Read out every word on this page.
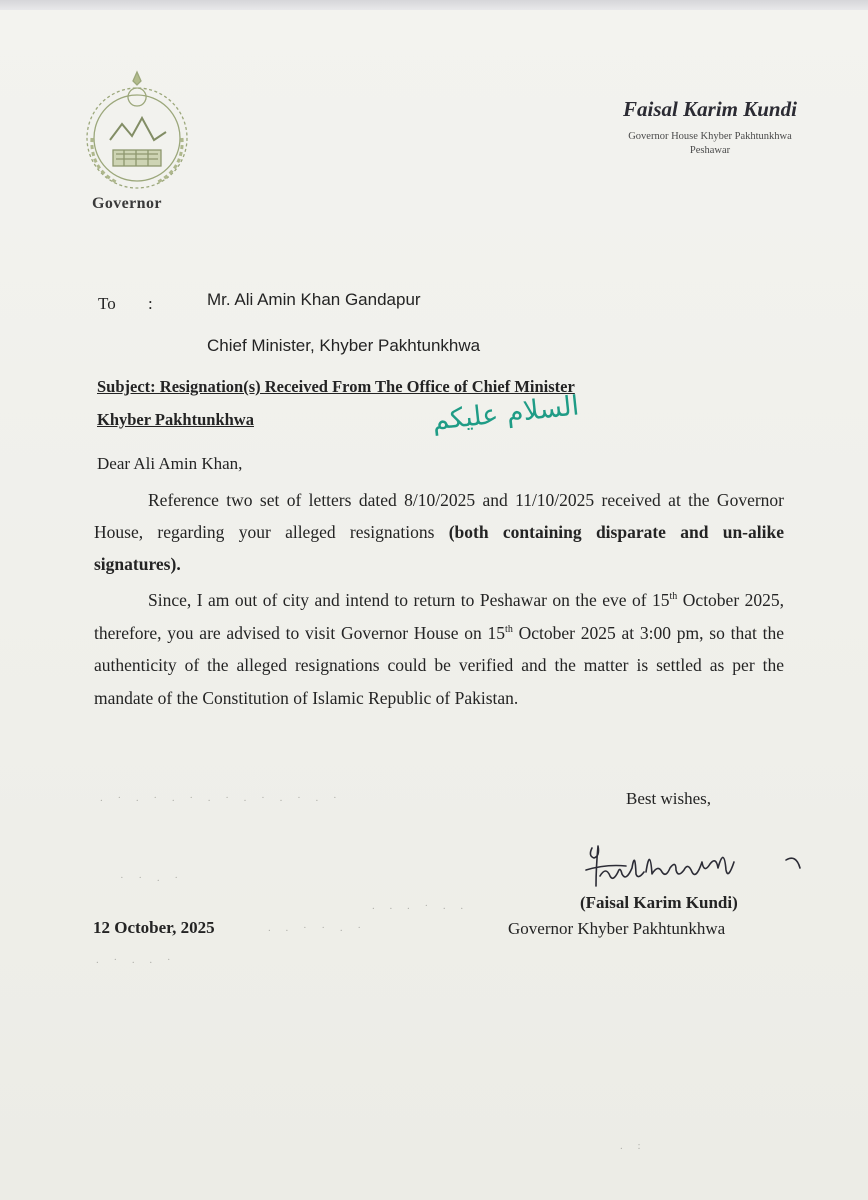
Governor

Faisal Karim Kundi

Governor House Khyber Pakhtunkhwa

Peshawar

To :	Mr. Ali Amin Khan Gandapur

Chief Minister, Khyber Pakhtunkhwa

Subject: Resignation(s) Received From The Office of Chief Minister

Khyber Pakhtunkhwa	السلام علیکم

Dear Ali Amin Khan,

Reference two set of letters dated 8/10/2025 and 11/10/2025 received at the Governor House, regarding your alleged resignations (both containing disparate and un-alike signatures).

Since, I am out of city and intend to return to Peshawar on the eve of 15th October 2025, therefore, you are advised to visit Governor House on 15th October 2025 at 3:00 pm, so that the authenticity of the alleged resignations could be verified and the matter is settled as per the mandate of the Constitution of Islamic Republic of Pakistan.

Best wishes,

(Faisal Karim Kundi)

12 October, 2025	Governor Khyber Pakhtunkhwa

. · . · . · . · . · . · . ·
· · . ·
. . . · . .
. . · · . ·
. · . . ·
. :
